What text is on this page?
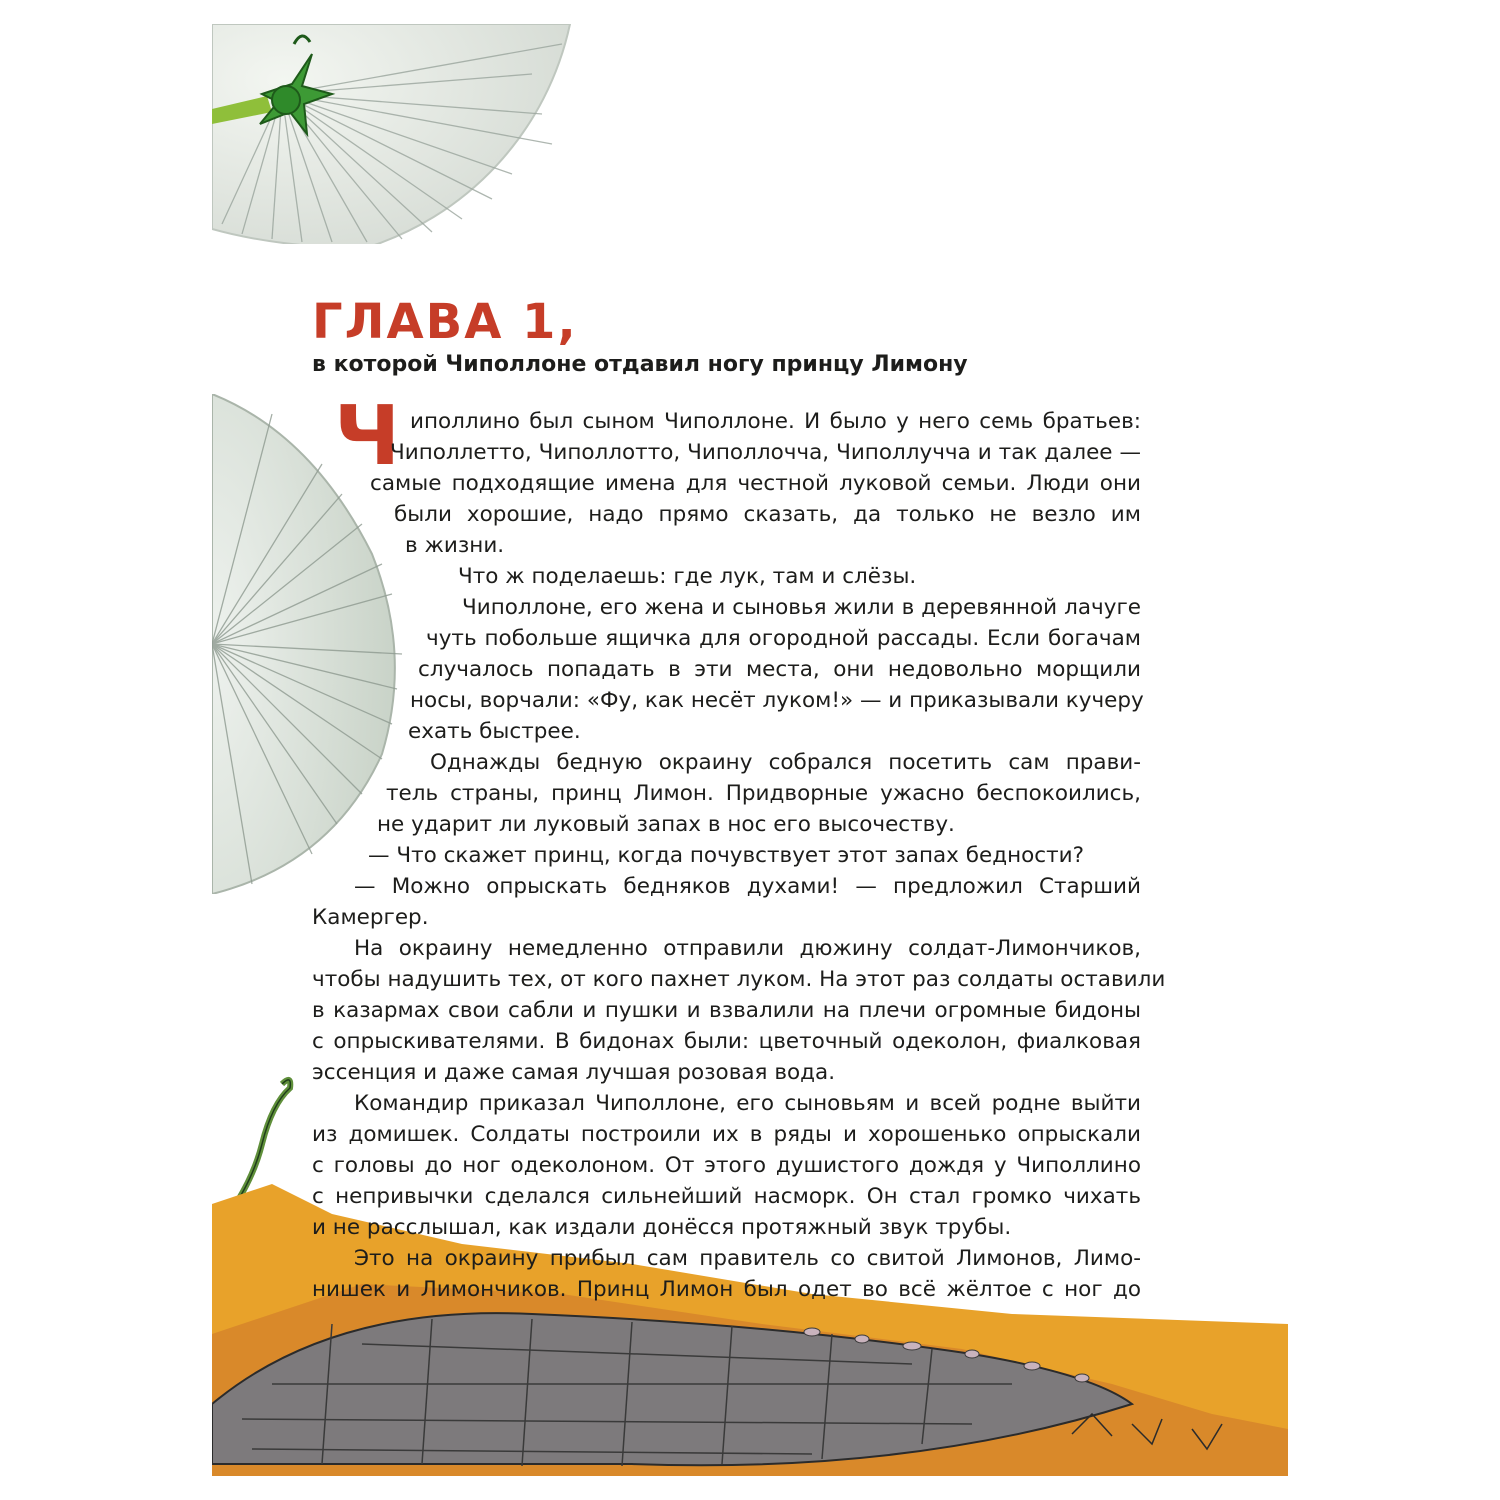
ГЛАВА 1,
в которой Чиполлоне отдавил ногу принцу Лимону
Ч иполлино был сыном Чиполлоне. И было у него семь братьев:

Чиполлетто, Чиполлотто, Чиполлочча, Чиполлучча и так далее —

самые подходящие имена для честной луковой семьи. Люди они

были хорошие, надо прямо сказать, да только не везло им

в жизни.

Что ж поделаешь: где лук, там и слёзы.

Чиполлоне, его жена и сыновья жили в деревянной лачуге

чуть побольше ящичка для огородной рассады. Если богачам

случалось попадать в эти места, они недовольно морщили

носы, ворчали: «Фу, как несёт луком!» — и приказывали кучеру

ехать быстрее.

Однажды бедную окраину собрался посетить сам прави-

тель страны, принц Лимон. Придворные ужасно беспокоились,

не ударит ли луковый запах в нос его высочеству.

— Что скажет принц, когда почувствует этот запах бедности?

— Можно опрыскать бедняков духами! — предложил Старший

Камергер.

На окраину немедленно отправили дюжину солдат-Лимончиков,

чтобы надушить тех, от кого пахнет луком. На этот раз солдаты оставили

в казармах свои сабли и пушки и взвалили на плечи огромные бидоны

с опрыскивателями. В бидонах были: цветочный одеколон, фиалковая

эссенция и даже самая лучшая розовая вода.

Командир приказал Чиполлоне, его сыновьям и всей родне выйти

из домишек. Солдаты построили их в ряды и хорошенько опрыскали

с головы до ног одеколоном. От этого душистого дождя у Чиполлино

с непривычки сделался сильнейший насморк. Он стал громко чихать

и не расслышал, как издали донёсся протяжный звук трубы.

Это на окраину прибыл сам правитель со свитой Лимонов, Лимо-

нишек и Лимончиков. Принц Лимон был одет во всё жёлтое с ног до
